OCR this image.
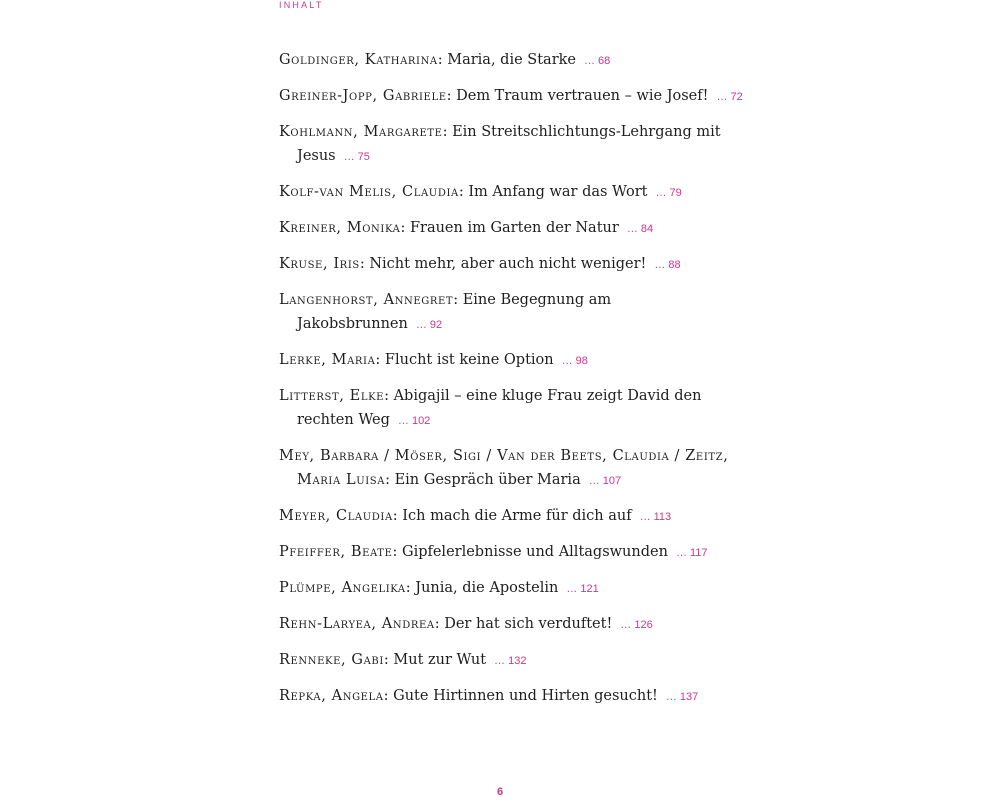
INHALT
Goldinger, Katharina: Maria, die Starke … 68
Greiner-Jopp, Gabriele: Dem Traum vertrauen – wie Josef! … 72
Kohlmann, Margarete: Ein Streitschlichtungs-Lehrgang mit Jesus … 75
Kolf-van Melis, Claudia: Im Anfang war das Wort … 79
Kreiner, Monika: Frauen im Garten der Natur … 84
Kruse, Iris: Nicht mehr, aber auch nicht weniger! … 88
Langenhorst, Annegret: Eine Begegnung am Jakobsbrunnen … 92
Lerke, Maria: Flucht ist keine Option … 98
Litterst, Elke: Abigajil – eine kluge Frau zeigt David den rechten Weg … 102
Mey, Barbara / Möser, Sigi / Van der Beets, Claudia / Zeitz, Maria Luisa: Ein Gespräch über Maria … 107
Meyer, Claudia: Ich mach die Arme für dich auf … 113
Pfeiffer, Beate: Gipfelerlebnisse und Alltagswunden … 117
Plümpe, Angelika: Junia, die Apostelin … 121
Rehn-Laryea, Andrea: Der hat sich verduftet! … 126
Renneke, Gabi: Mut zur Wut … 132
Repka, Angela: Gute Hirtinnen und Hirten gesucht! … 137
6
